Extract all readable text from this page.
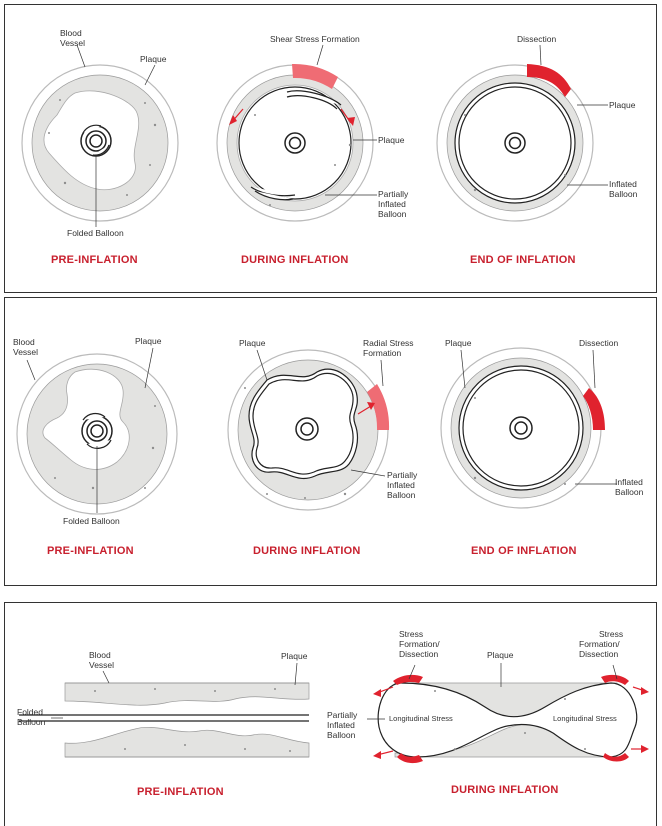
Blood
Vessel
Plaque
Folded Balloon
PRE-INFLATION
Shear Stress Formation
Plaque
Partially
Inflated
Balloon
DURING INFLATION
Dissection
Plaque
Inflated
Balloon
END OF INFLATION
Blood
Vessel
Plaque
Folded Balloon
PRE-INFLATION
Plaque	Radial Stress
Formation
Partially
Inflated
Balloon
DURING INFLATION
Plaque	Dissection
Inflated
Balloon
END OF INFLATION
Blood
Vessel
Plaque
Folded
Balloon
PRE-INFLATION
Stress
Formation/
Dissection	Plaque
Stress
Formation/
Dissection
Partially
Inflated
Balloon
Longitudinal Stress	Longitudinal Stress
DURING INFLATION
